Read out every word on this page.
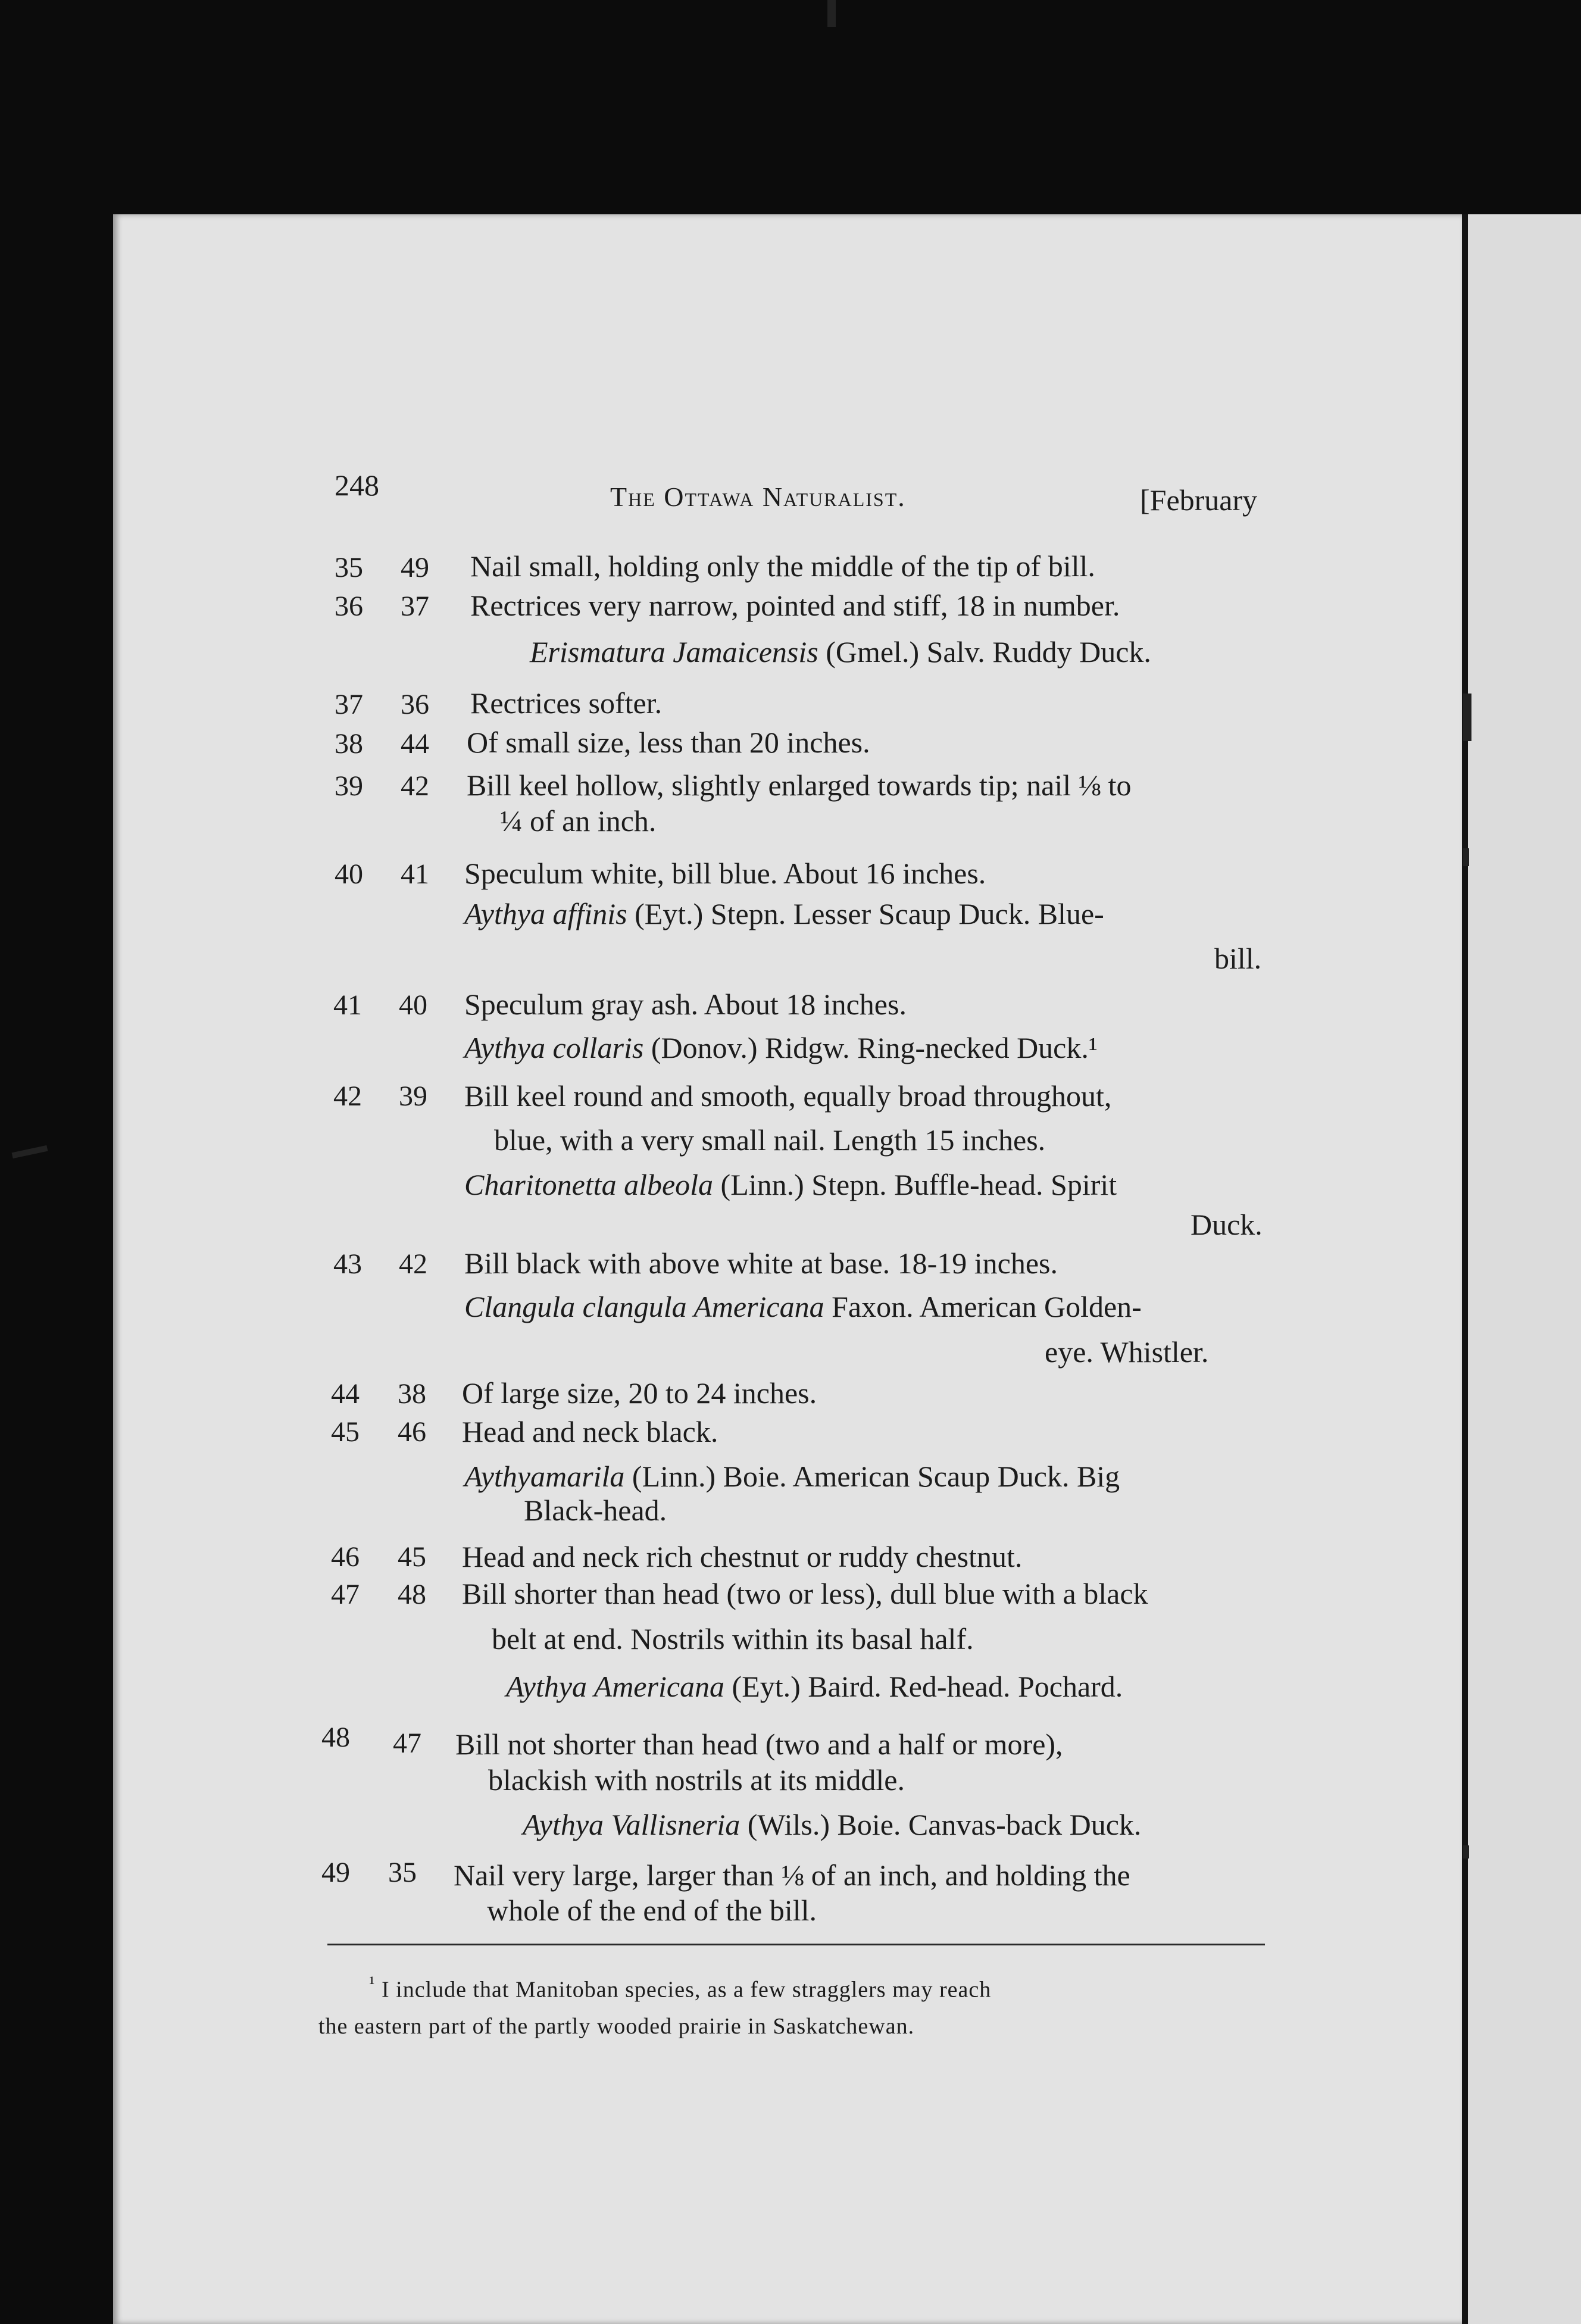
248	The Ottawa Naturalist.	[February
35 49 Nail small, holding only the middle of the tip of bill.
36 37 Rectrices very narrow, pointed and stiff, 18 in number.
Erismatura Jamaicensis (Gmel.) Salv. Ruddy Duck.
37 36 Rectrices softer.
38 44 Of small size, less than 20 inches.
39 42 Bill keel hollow, slightly enlarged towards tip; nail ⅛ to
¼ of an inch.
40 41 Speculum white, bill blue. About 16 inches.
Aythya affinis (Eyt.) Stepn. Lesser Scaup Duck. Blue-
bill.
41 40 Speculum gray ash. About 18 inches.
Aythya collaris (Donov.) Ridgw. Ring-necked Duck.¹
42 39 Bill keel round and smooth, equally broad throughout,
blue, with a very small nail. Length 15 inches.
Charitonetta albeola (Linn.) Stepn. Buffle-head. Spirit
Duck.
43 42 Bill black with above white at base. 18-19 inches.
Clangula clangula Americana Faxon. American Golden-
eye. Whistler.
44 38 Of large size, 20 to 24 inches.
45 46 Head and neck black.
Aythyamarila (Linn.) Boie. American Scaup Duck. Big
Black-head.
46 45 Head and neck rich chestnut or ruddy chestnut.
47 48 Bill shorter than head (two or less), dull blue with a black
belt at end. Nostrils within its basal half.
Aythya Americana (Eyt.) Baird. Red-head. Pochard.
48 47 Bill not shorter than head (two and a half or more),
blackish with nostrils at its middle.
Aythya Vallisneria (Wils.) Boie. Canvas-back Duck.
49 35 Nail very large, larger than ⅛ of an inch, and holding the
whole of the end of the bill.
$^{^1}$ I include that Manitoban species, as a few stragglers may reach
the eastern part of the partly wooded prairie in Saskatchewan.
